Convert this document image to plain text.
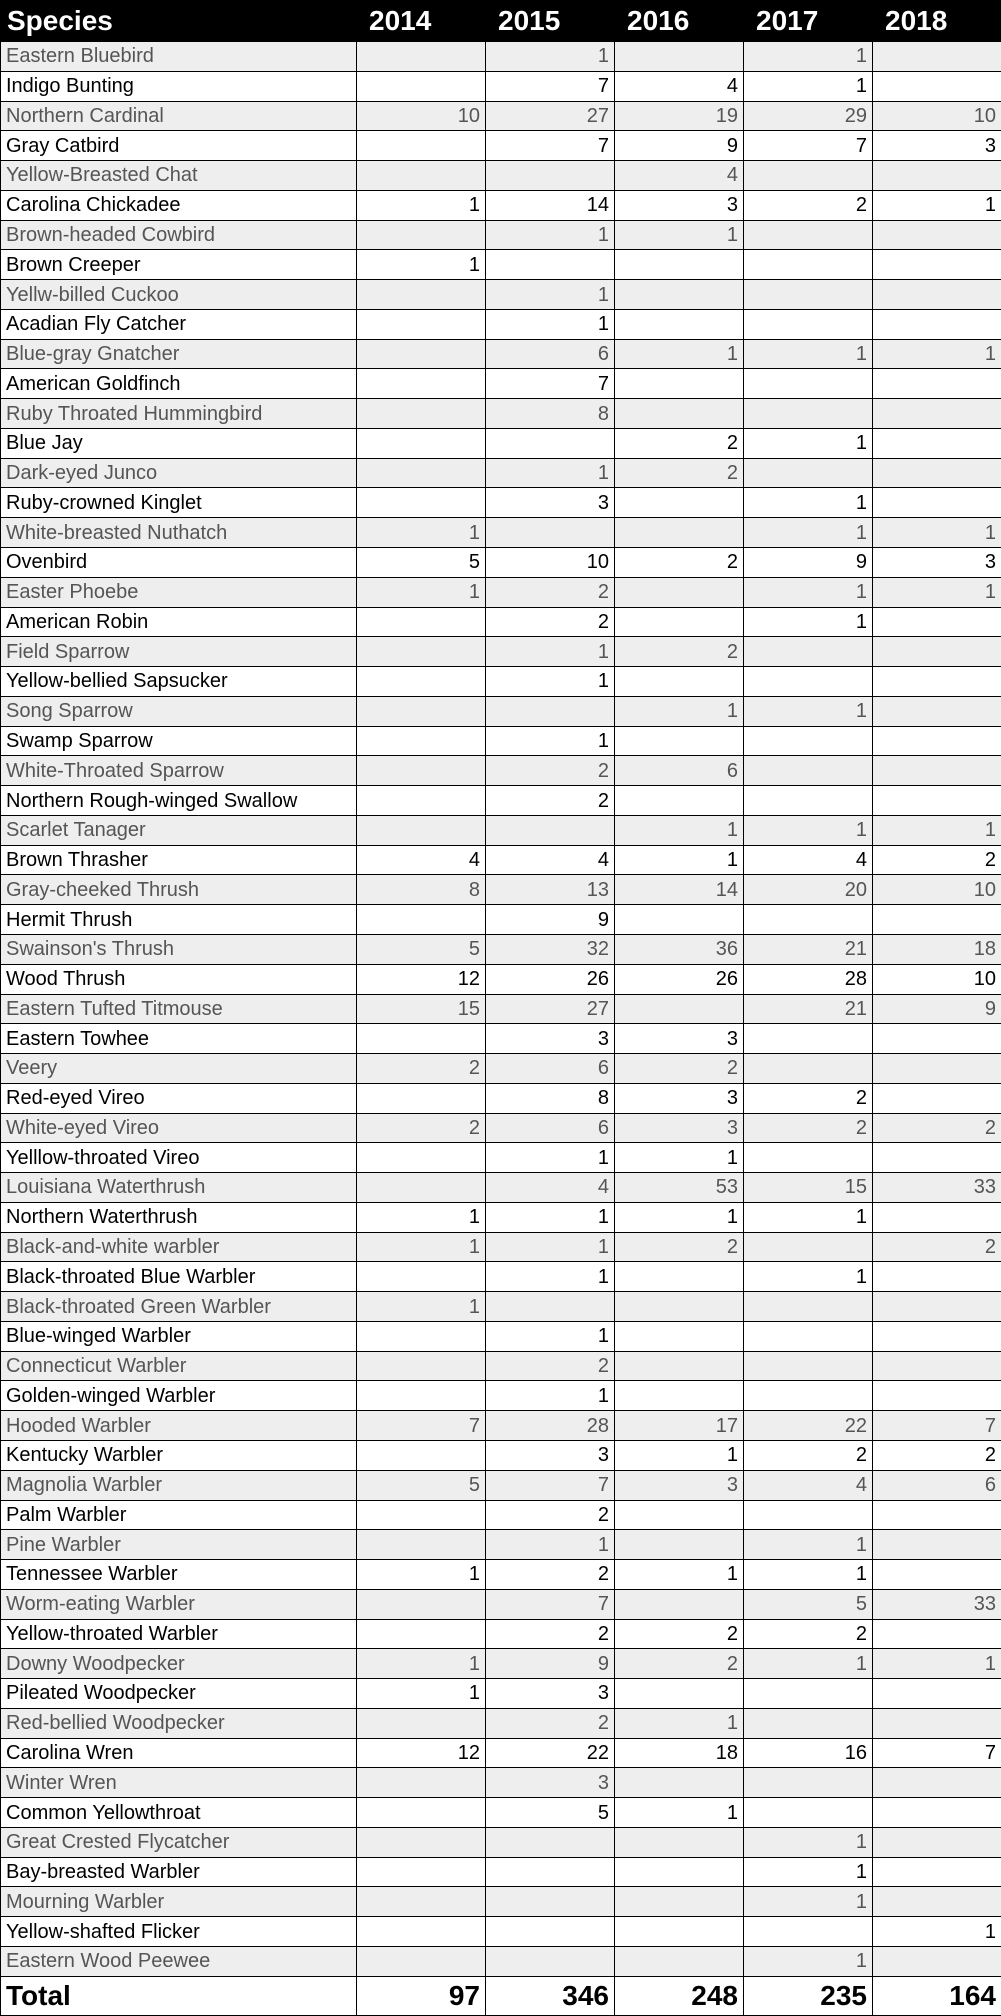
Species	2014	2015	2016	2017	2018
Eastern Bluebird		1		1	
Indigo Bunting		7	4	1	
Northern Cardinal	10	27	19	29	10
Gray Catbird		7	9	7	3
Yellow-Breasted Chat			4		
Carolina Chickadee	1	14	3	2	1
Brown-headed Cowbird		1	1		
Brown Creeper	1				
Yellw-billed Cuckoo		1			
Acadian Fly Catcher		1			
Blue-gray Gnatcher		6	1	1	1
American Goldfinch		7			
Ruby Throated Hummingbird		8			
Blue Jay			2	1	
Dark-eyed Junco		1	2		
Ruby-crowned Kinglet		3		1	
White-breasted Nuthatch	1			1	1
Ovenbird	5	10	2	9	3
Easter Phoebe	1	2		1	1
American Robin		2		1	
Field Sparrow		1	2		
Yellow-bellied Sapsucker		1			
Song Sparrow			1	1	
Swamp Sparrow		1			
White-Throated Sparrow		2	6		
Northern Rough-winged Swallow		2			
Scarlet Tanager			1	1	1
Brown Thrasher	4	4	1	4	2
Gray-cheeked Thrush	8	13	14	20	10
Hermit Thrush		9			
Swainson's Thrush	5	32	36	21	18
Wood Thrush	12	26	26	28	10
Eastern Tufted Titmouse	15	27		21	9
Eastern Towhee		3	3		
Veery	2	6	2		
Red-eyed Vireo		8	3	2	
White-eyed Vireo	2	6	3	2	2
Yelllow-throated Vireo		1	1		
Louisiana Waterthrush		4	53	15	33
Northern Waterthrush	1	1	1	1	
Black-and-white warbler	1	1	2		2
Black-throated Blue Warbler		1		1	
Black-throated Green Warbler	1				
Blue-winged Warbler		1			
Connecticut Warbler		2			
Golden-winged Warbler		1			
Hooded Warbler	7	28	17	22	7
Kentucky Warbler		3	1	2	2
Magnolia Warbler	5	7	3	4	6
Palm Warbler		2			
Pine Warbler		1		1	
Tennessee Warbler	1	2	1	1	
Worm-eating Warbler		7		5	33
Yellow-throated Warbler		2	2	2	
Downy Woodpecker	1	9	2	1	1
Pileated Woodpecker	1	3			
Red-bellied Woodpecker		2	1		
Carolina Wren	12	22	18	16	7
Winter Wren		3			
Common Yellowthroat		5	1		
Great Crested Flycatcher				1	
Bay-breasted Warbler				1	
Mourning Warbler				1	
Yellow-shafted Flicker					1
Eastern Wood Peewee				1	
Total	97	346	248	235	164
